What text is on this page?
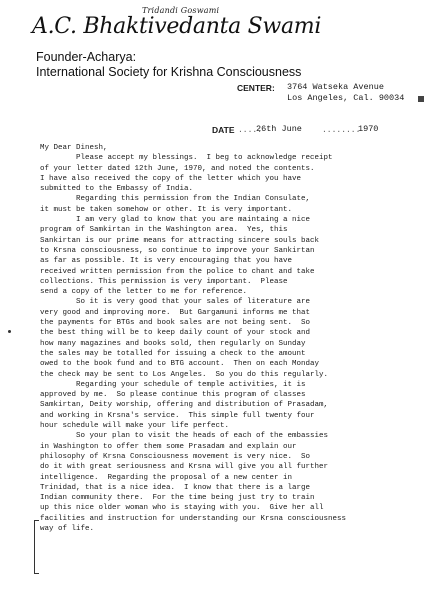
Tridandi Goswami
A.C. Bhaktivedanta Swami
Founder-Acharya:
International Society for Krishna Consciousness
CENTER: 3764 Watseka Avenue
Los Angeles, Cal. 90034
DATE .....
26th June	........
1970
My Dear Dinesh,
Please accept my blessings.  I beg to acknowledge receipt
of your letter dated 12th June, 1970, and noted the contents.
I have also received the copy of the letter which you have
submitted to the Embassy of India.
Regarding this permission from the Indian Consulate,
it must be taken somehow or other. It is very important.
I am very glad to know that you are maintaing a nice
program of Samkirtan in the Washington area.  Yes, this
Sankirtan is our prime means for attracting sincere souls back
to Krsna consciousness, so continue to improve your Sankirtan
as far as possible. It is very encouraging that you have
received written permission from the police to chant and take
collections. This permission is very important.  Please
send a copy of the letter to me for reference.
So it is very good that your sales of literature are
very good and improving more.  But Gargamuni informs me that
the payments for BTGs and book sales are not being sent.  So
the best thing will be to keep daily count of your stock and
how many magazines and books sold, then regularly on Sunday
the sales may be totalled for issuing a check to the amount
owed to the book fund and to BTG account.  Then on each Monday
the check may be sent to Los Angeles.  So you do this regularly.
Regarding your schedule of temple activities, it is
approved by me.  So please continue this program of classes
Samkirtan, Deity worship, offering and distribution of Prasadam,
and working in Krsna's service.  This simple full twenty four
hour schedule will make your life perfect.
So your plan to visit the heads of each of the embassies
in Washington to offer them some Prasadam and explain our
philosophy of Krsna Consciousness movement is very nice.  So
do it with great seriousness and Krsna will give you all further
intelligence.  Regarding the proposal of a new center in
Trinidad, that is a nice idea.  I know that there is a large
Indian community there.  For the time being just try to train
up this nice older woman who is staying with you.  Give her all
facilities and instruction for understanding our Krsna consciousness
way of life.
